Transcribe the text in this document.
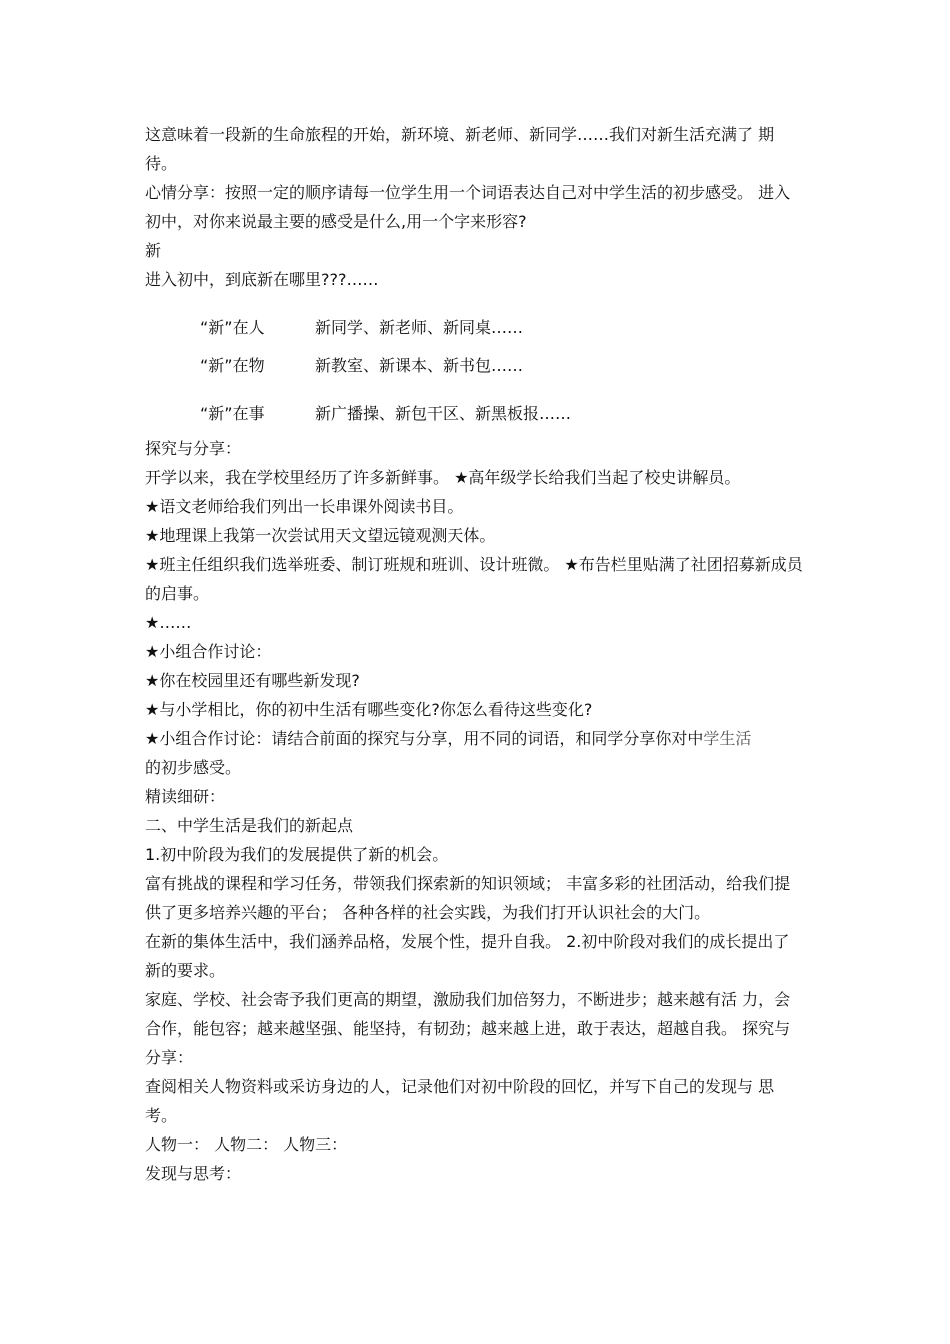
这意味着一段新的生命旅程的开始，新环境、新老师、新同学……我们对新生活充满了 期待。

心情分享：按照一定的顺序请每一位学生用一个词语表达自己对中学生活的初步感受。 进入初中，对你来说最主要的感受是什么,用一个字来形容?

新

进入初中，到底新在哪里???……

“新”在人	新同学、新老师、新同桌……
“新”在物	新教室、新课本、新书包……
“新”在事	新广播操、新包干区、新黑板报……

探究与分享：

开学以来，我在学校里经历了许多新鲜事。 ★高年级学长给我们当起了校史讲解员。

★语文老师给我们列出一长串课外阅读书目。

★地理课上我第一次尝试用天文望远镜观测天体。

★班主任组织我们选举班委、制订班规和班训、设计班微。 ★布告栏里贴满了社团招募新成员的启事。

★……

★小组合作讨论：

★你在校园里还有哪些新发现?

★与小学相比，你的初中生活有哪些变化?你怎么看待这些变化?

★小组合作讨论：请结合前面的探究与分享，用不同的词语，和同学分享你对中学生活

的初步感受。

精读细研：

二、中学生活是我们的新起点

1.初中阶段为我们的发展提供了新的机会。

富有挑战的课程和学习任务，带领我们探索新的知识领域； 丰富多彩的社团活动，给我们提供了更多培养兴趣的平台； 各种各样的社会实践，为我们打开认识社会的大门。

在新的集体生活中，我们涵养品格，发展个性，提升自我。 2.初中阶段对我们的成长提出了新的要求。

家庭、学校、社会寄予我们更高的期望，激励我们加倍努力，不断进步；越来越有活 力，会合作，能包容；越来越坚强、能坚持，有韧劲；越来越上进，敢于表达，超越自我。 探究与分享：

查阅相关人物资料或采访身边的人，记录他们对初中阶段的回忆，并写下自己的发现与 思考。

人物一： 人物二： 人物三：

发现与思考：
